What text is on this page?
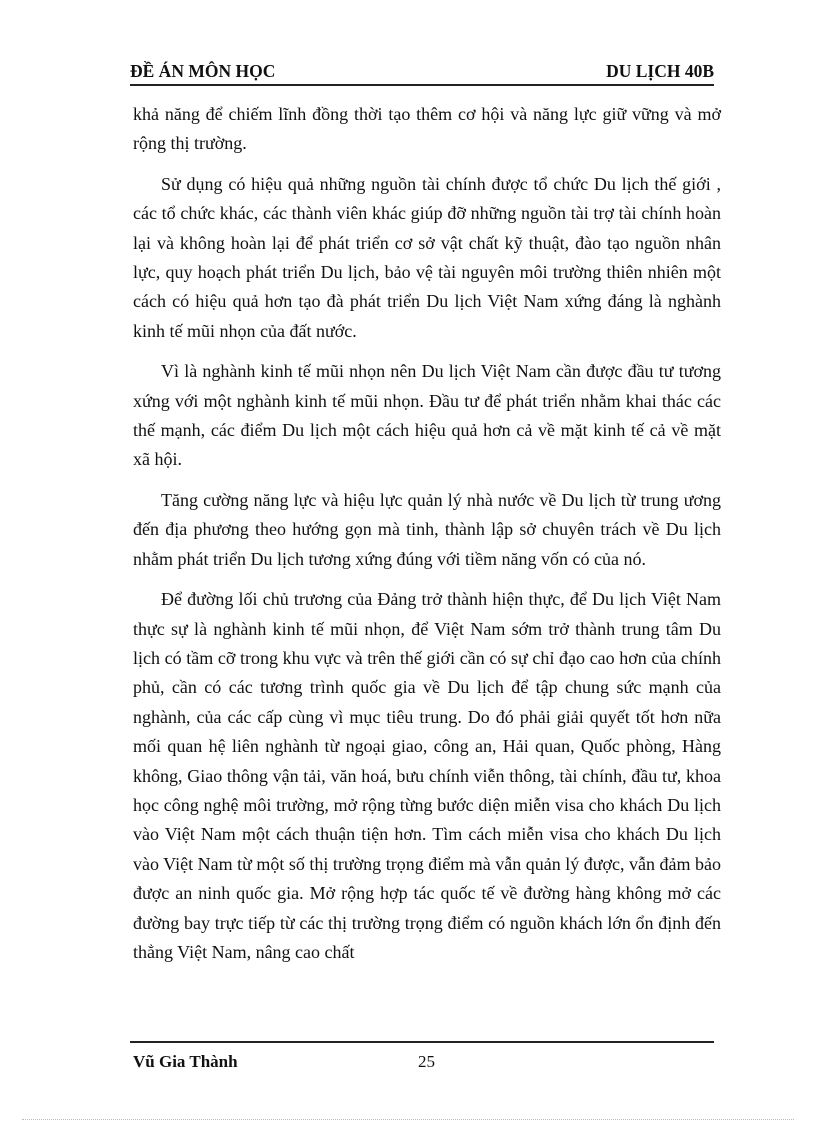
ĐỀ ÁN MÔN HỌC	DU LỊCH 40B

khả năng để chiếm lĩnh đồng thời tạo thêm cơ hội và năng lực giữ vững và mở rộng thị trường.

Sử dụng có hiệu quả những nguồn tài chính được tổ chức Du lịch thế giới , các tổ chức khác, các thành viên khác giúp đỡ những nguồn tài trợ tài chính hoàn lại và không hoàn lại để phát triển cơ sở vật chất kỹ thuật, đào tạo nguồn nhân lực, quy hoạch phát triển Du lịch, bảo vệ tài nguyên môi trường thiên nhiên một cách có hiệu quả hơn tạo đà phát triển Du lịch Việt Nam xứng đáng là nghành kinh tế mũi nhọn của đất nước.

Vì là nghành kinh tế mũi nhọn nên Du lịch Việt Nam cần được đầu tư tương xứng với một nghành kinh tế mũi nhọn. Đầu tư để phát triển nhằm khai thác các thế mạnh, các điểm Du lịch một cách hiệu quả hơn cả về mặt kinh tế cả về mặt xã hội.

Tăng cường năng lực và hiệu lực quản lý nhà nước về Du lịch từ trung ương đến địa phương theo hướng gọn mà tinh, thành lập sở chuyên trách về Du lịch nhằm phát triển Du lịch tương xứng đúng với tiềm năng vốn có của nó.

Để đường lối chủ trương của Đảng trở thành hiện thực, để Du lịch Việt Nam thực sự là nghành kinh tế mũi nhọn, để Việt Nam sớm trở thành trung tâm Du lịch có tầm cỡ trong khu vực và trên thế giới cần có sự chỉ đạo cao hơn của chính phủ, cần có các tương trình quốc gia về Du lịch để tập chung sức mạnh của nghành, của các cấp cùng vì mục tiêu trung. Do đó phải giải quyết tốt hơn nữa mối quan hệ liên nghành từ ngoại giao, công an, Hải quan, Quốc phòng, Hàng không, Giao thông vận tải, văn hoá, bưu chính viễn thông, tài chính, đầu tư, khoa học công nghệ môi trường, mở rộng từng bước diện miễn visa cho khách Du lịch vào Việt Nam một cách thuận tiện hơn. Tìm cách miễn visa cho khách Du lịch vào Việt Nam từ một số thị trường trọng điểm mà vẫn quản lý được, vẫn đảm bảo được an ninh quốc gia. Mở rộng hợp tác quốc tế về đường hàng không mở các đường bay trực tiếp từ các thị trường trọng điểm có nguồn khách lớn ổn định đến thẳng Việt Nam, nâng cao chất

Vũ Gia Thành	25
